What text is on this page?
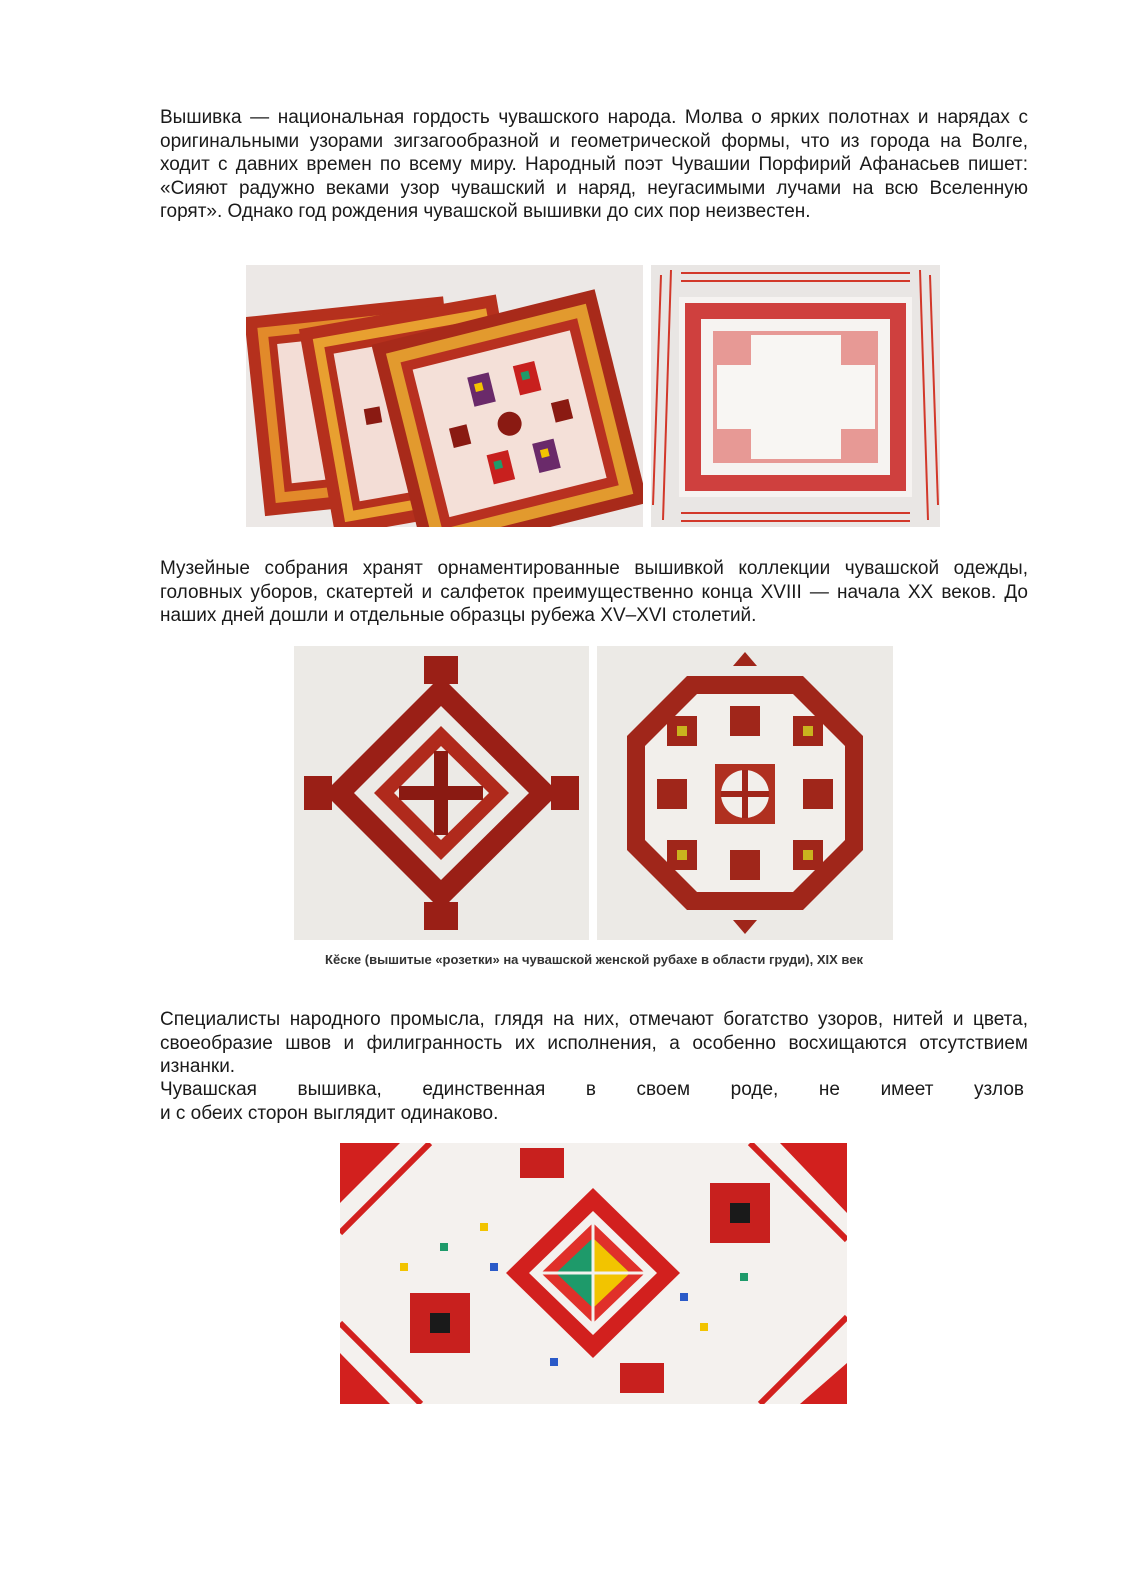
Вышивка — национальная гордость чувашского народа. Молва о ярких полотнах и нарядах с оригинальными узорами зигзагообразной и геометрической формы, что из города на Волге, ходит с давних времен по всему миру. Народный поэт Чувашии Порфирий Афанасьев пишет: «Сияют радужно веками узор чувашский и наряд, неугасимыми лучами на всю Вселенную горят». Однако год рождения чувашской вышивки до сих пор неизвестен.

Музейные собрания хранят орнаментированные вышивкой коллекции чувашской одежды, головных уборов, скатертей и салфеток преимущественно конца XVIII — начала XX веков. До наших дней дошли и отдельные образцы рубежа XV–XVI столетий.

Кӗске (вышитые «розетки» на чувашской женской рубахе в области груди), XIX век

Специалисты народного промысла, глядя на них, отмечают богатство узоров, нитей и цвета, своеобразие швов и филигранность их исполнения, а особенно восхищаются отсутствием изнанки.

Чувашская вышивка, единственная в своем роде, не имеет узлов

и с обеих сторон выглядит одинаково.
